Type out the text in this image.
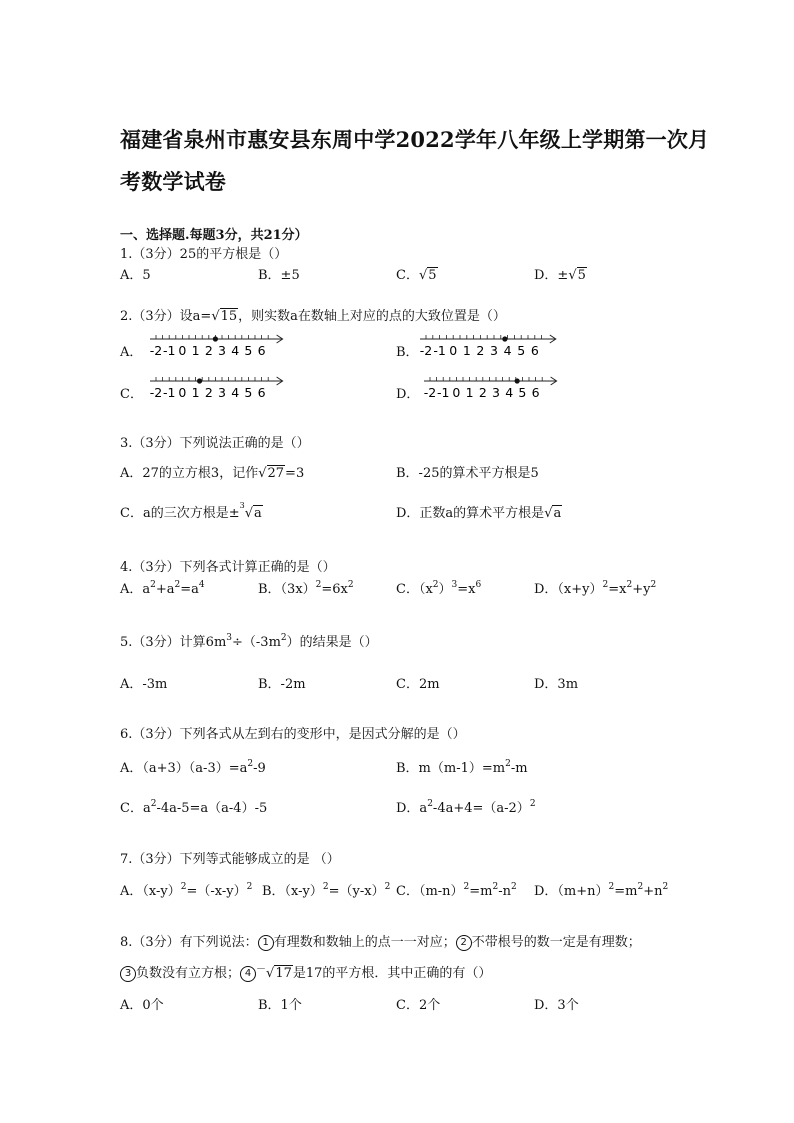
福建省泉州市惠安县东周中学2022学年八年级上学期第一次月
考数学试卷
一、选择题.每题3分，共21分）
1.（3分）25的平方根是（）
A．5	B．±5	C．√5	D．±√5
2.（3分）设a=√15，则实数a在数轴上对应的点的大致位置是（）
A．	B．
C．	D．
-2 -1 0 1 2 3 4 5 6	-2 -1 0 1 2 3 4 5 6
-2 -1 0 1 2 3 4 5 6	-2 -1 0 1 2 3 4 5 6
3.（3分）下列说法正确的是（）
A．27的立方根3，记作√27=3	B．-25的算术平方根是5
C．a的三次方根是±$^3$√a	D．正数a的算术平方根是√a
4.（3分）下列各式计算正确的是（）
A．$a^2+a^2=a^4$	B．$(3x)^2=6x^2$	C．$(x^2)^3=x^6$	D．$(x+y)^2=x^2+y^2$
5.（3分）计算$6m^3\div(-3m^2)$的结果是（）
A．-3m	B．-2m	C．2m	D．3m
6.（3分）下列各式从左到右的变形中，是因式分解的是（）
A．$(a+3)(a-3)=a^2-9$	B．$m(m-1)=m^2-m$
C．$a^2-4a-5=a(a-4)-5$	D．$a^2-4a+4=(a-2)^2$
7.（3分）下列等式能够成立的是 （）
A．$(x-y)^2=(-x-y)^2$ B．$(x-y)^2=(y-x)^2$ C．$(m-n)^2=m^2-n^2$ D．$(m+n)^2=m^2+n^2$
8.（3分）有下列说法： 1 有理数和数轴上的点一一对应； 2 不带根号的数一定是有理数；
3 负数没有立方根； 4 －√17是17的平方根．其中正确的有（）
A．0个	B．1个	C．2个	D．3个
